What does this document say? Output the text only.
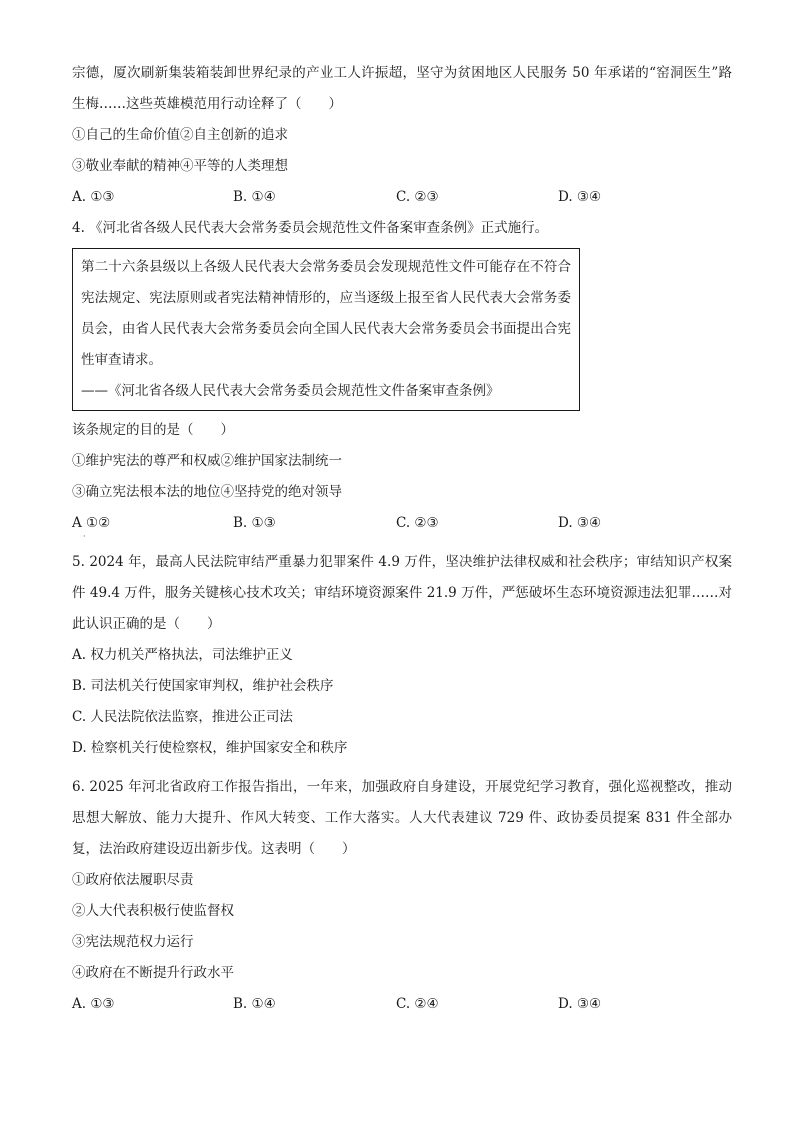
宗德，厦次刷新集装箱装卸世界纪录的产业工人许振超，坚守为贫困地区人民服务 50 年承诺的“窑洞医生”路生梅……这些英雄模范用行动诠释了（　　）

①自己的生命价值②自主创新的追求
③敬业奉献的精神④平等的人类理想
A. ①③	B. ①④	C. ②③	D. ③④
4. 《河北省各级人民代表大会常务委员会规范性文件备案审查条例》正式施行。

第二十六条县级以上各级人民代表大会常务委员会发现规范性文件可能存在不符合宪法规定、宪法原则或者宪法精神情形的，应当逐级上报至省人民代表大会常务委员会，由省人民代表大会常务委员会向全国人民代表大会常务委员会书面提出合宪性审查请求。

——《河北省各级人民代表大会常务委员会规范性文件备案审查条例》

该条规定的目的是（　　）
①维护宪法的尊严和权威②维护国家法制统一
③确立宪法根本法的地位④坚持党的绝对领导
A ①②	B. ①③	C. ②③	D. ③④
·

5. 2024 年，最高人民法院审结严重暴力犯罪案件 4.9 万件，坚决维护法律权威和社会秩序；审结知识产权案件 49.4 万件，服务关键核心技术攻关；审结环境资源案件 21.9 万件，严惩破坏生态环境资源违法犯罪……对此认识正确的是（　　）

A. 权力机关严格执法，司法维护正义
B. 司法机关行使国家审判权，维护社会秩序
C. 人民法院依法监察，推进公正司法
D. 检察机关行使检察权，维护国家安全和秩序

6. 2025 年河北省政府工作报告指出，一年来，加强政府自身建设，开展党纪学习教育，强化巡视整改，推动思想大解放、能力大提升、作风大转变、工作大落实。人大代表建议 729 件、政协委员提案 831 件全部办复，法治政府建设迈出新步伐。这表明（　　）

①政府依法履职尽责
②人大代表积极行使监督权
③宪法规范权力运行
④政府在不断提升行政水平
A. ①③	B. ①④	C. ②④	D. ③④
